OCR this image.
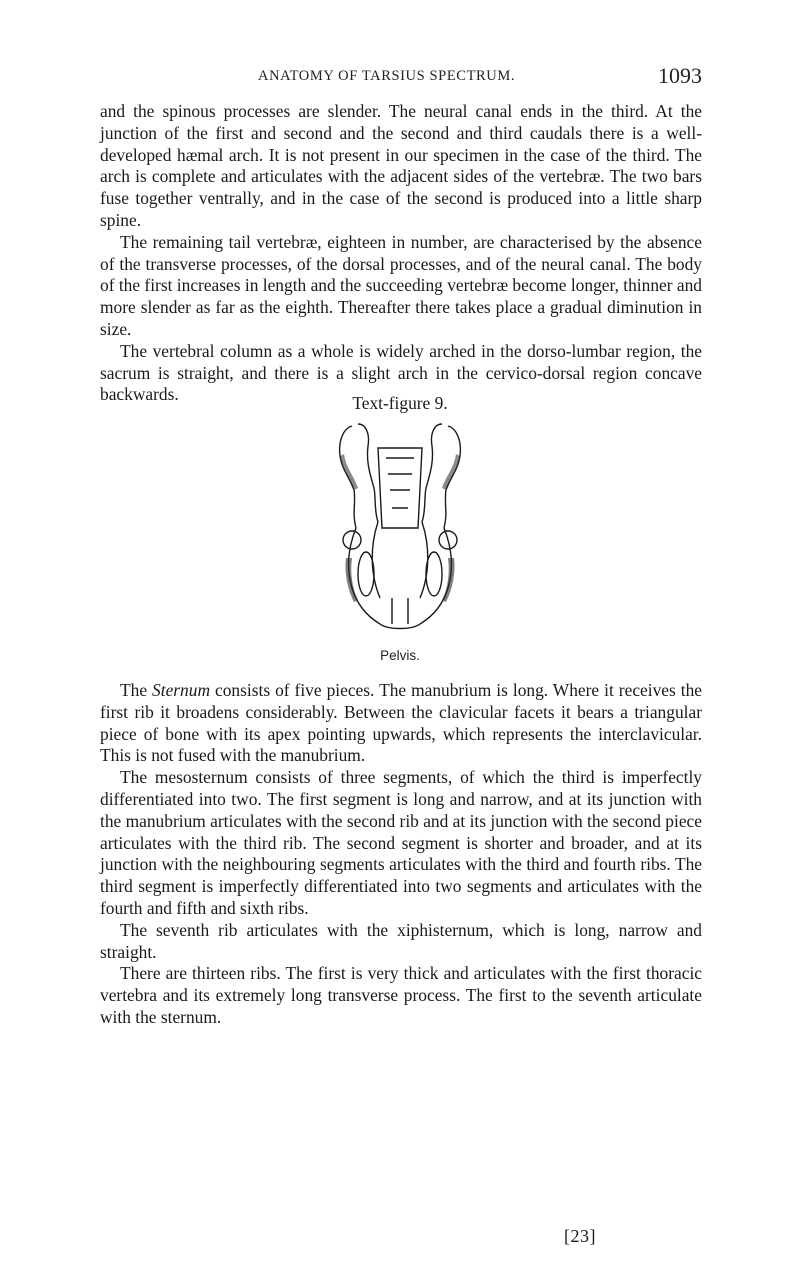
ANATOMY OF TARSIUS SPECTRUM.	1093

and the spinous processes are slender. The neural canal ends in the third. At the junction of the first and second and the second and third caudals there is a well-developed hæmal arch. It is not present in our specimen in the case of the third. The arch is complete and articulates with the adjacent sides of the vertebræ. The two bars fuse together ventrally, and in the case of the second is produced into a little sharp spine.

The remaining tail vertebræ, eighteen in number, are characterised by the absence of the transverse processes, of the dorsal processes, and of the neural canal. The body of the first increases in length and the succeeding vertebræ become longer, thinner and more slender as far as the eighth. Thereafter there takes place a gradual diminution in size.

The vertebral column as a whole is widely arched in the dorso-lumbar region, the sacrum is straight, and there is a slight arch in the cervico-dorsal region concave backwards.	Text-figure 9.
Pelvis.

The Sternum consists of five pieces. The manubrium is long. Where it receives the first rib it broadens considerably. Between the clavicular facets it bears a triangular piece of bone with its apex pointing upwards, which represents the interclavicular. This is not fused with the manubrium.

The mesosternum consists of three segments, of which the third is imperfectly differentiated into two. The first segment is long and narrow, and at its junction with the manubrium articulates with the second rib and at its junction with the second piece articulates with the third rib. The second segment is shorter and broader, and at its junction with the neighbouring segments articulates with the third and fourth ribs. The third segment is imperfectly differentiated into two segments and articulates with the fourth and fifth and sixth ribs.

The seventh rib articulates with the xiphisternum, which is long, narrow and straight.

There are thirteen ribs. The first is very thick and articulates with the first thoracic vertebra and its extremely long transverse process. The first to the seventh articulate with the sternum.

[23]
